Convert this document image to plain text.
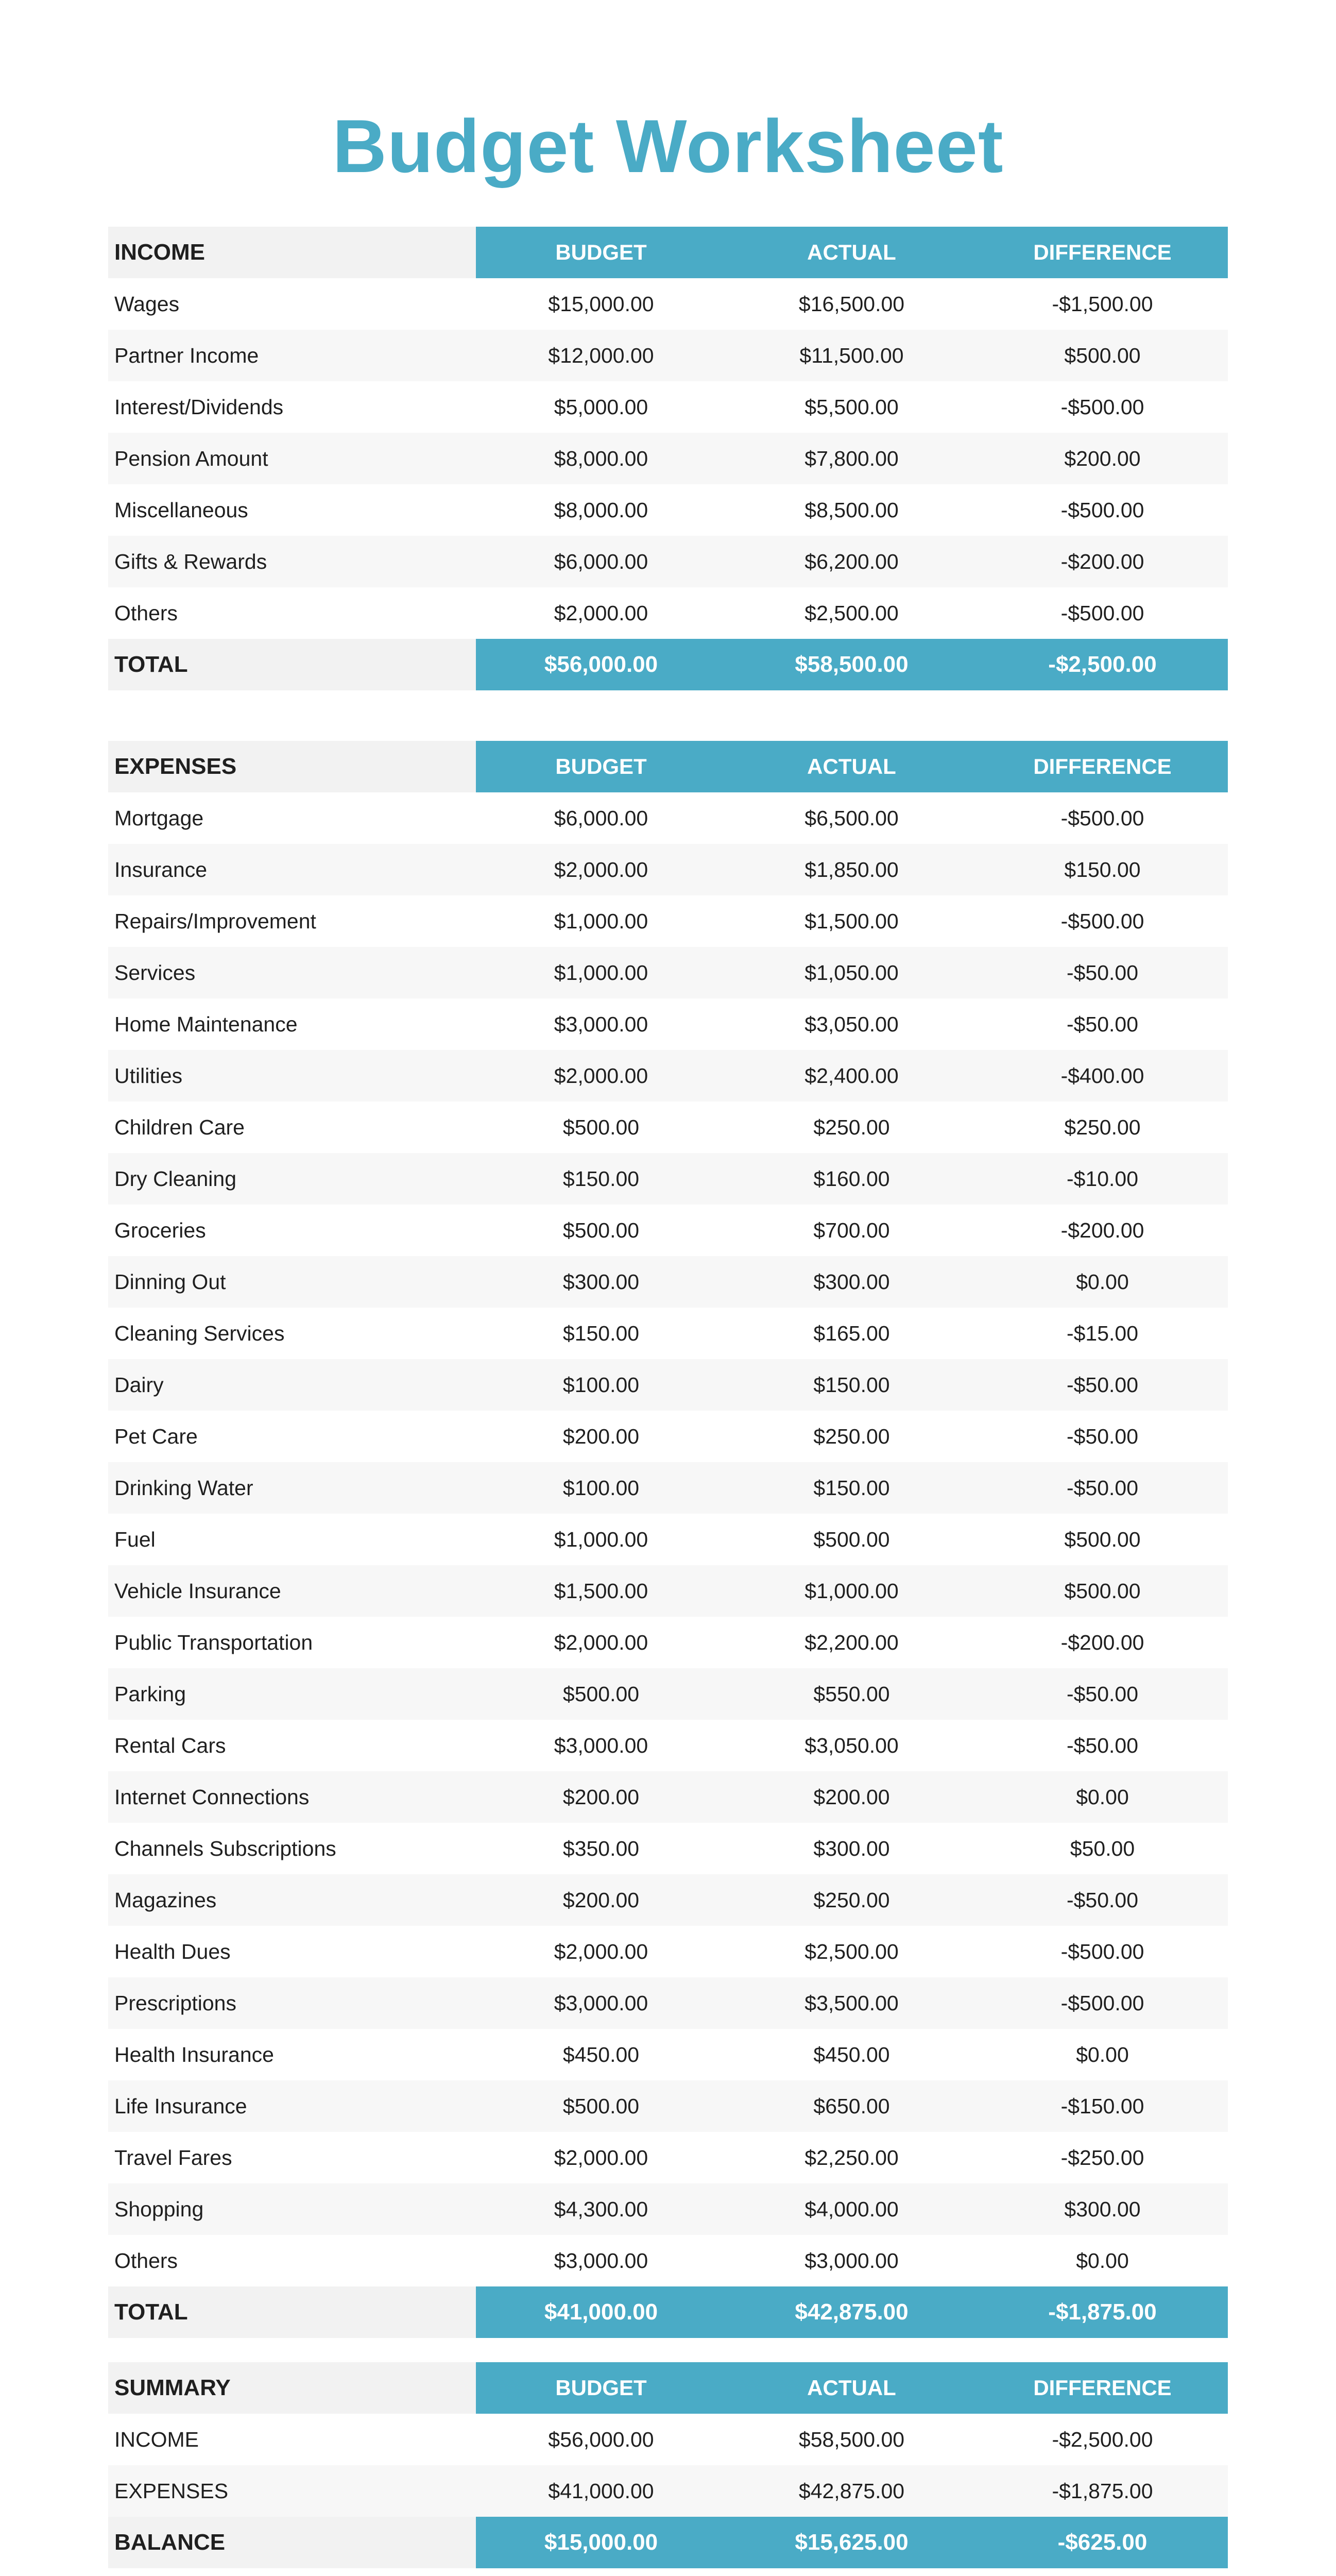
Budget Worksheet
INCOME	BUDGET	ACTUAL	DIFFERENCE
Wages	$15,000.00	$16,500.00	-$1,500.00
Partner Income	$12,000.00	$11,500.00	$500.00
Interest/Dividends	$5,000.00	$5,500.00	-$500.00
Pension Amount	$8,000.00	$7,800.00	$200.00
Miscellaneous	$8,000.00	$8,500.00	-$500.00
Gifts & Rewards	$6,000.00	$6,200.00	-$200.00
Others	$2,000.00	$2,500.00	-$500.00
TOTAL	$56,000.00	$58,500.00	-$2,500.00
EXPENSES	BUDGET	ACTUAL	DIFFERENCE
Mortgage	$6,000.00	$6,500.00	-$500.00
Insurance	$2,000.00	$1,850.00	$150.00
Repairs/Improvement	$1,000.00	$1,500.00	-$500.00
Services	$1,000.00	$1,050.00	-$50.00
Home Maintenance	$3,000.00	$3,050.00	-$50.00
Utilities	$2,000.00	$2,400.00	-$400.00
Children Care	$500.00	$250.00	$250.00
Dry Cleaning	$150.00	$160.00	-$10.00
Groceries	$500.00	$700.00	-$200.00
Dinning Out	$300.00	$300.00	$0.00
Cleaning Services	$150.00	$165.00	-$15.00
Dairy	$100.00	$150.00	-$50.00
Pet Care	$200.00	$250.00	-$50.00
Drinking Water	$100.00	$150.00	-$50.00
Fuel	$1,000.00	$500.00	$500.00
Vehicle Insurance	$1,500.00	$1,000.00	$500.00
Public Transportation	$2,000.00	$2,200.00	-$200.00
Parking	$500.00	$550.00	-$50.00
Rental Cars	$3,000.00	$3,050.00	-$50.00
Internet Connections	$200.00	$200.00	$0.00
Channels Subscriptions	$350.00	$300.00	$50.00
Magazines	$200.00	$250.00	-$50.00
Health Dues	$2,000.00	$2,500.00	-$500.00
Prescriptions	$3,000.00	$3,500.00	-$500.00
Health Insurance	$450.00	$450.00	$0.00
Life Insurance	$500.00	$650.00	-$150.00
Travel Fares	$2,000.00	$2,250.00	-$250.00
Shopping	$4,300.00	$4,000.00	$300.00
Others	$3,000.00	$3,000.00	$0.00
TOTAL	$41,000.00	$42,875.00	-$1,875.00
SUMMARY	BUDGET	ACTUAL	DIFFERENCE
INCOME	$56,000.00	$58,500.00	-$2,500.00
EXPENSES	$41,000.00	$42,875.00	-$1,875.00
BALANCE	$15,000.00	$15,625.00	-$625.00
